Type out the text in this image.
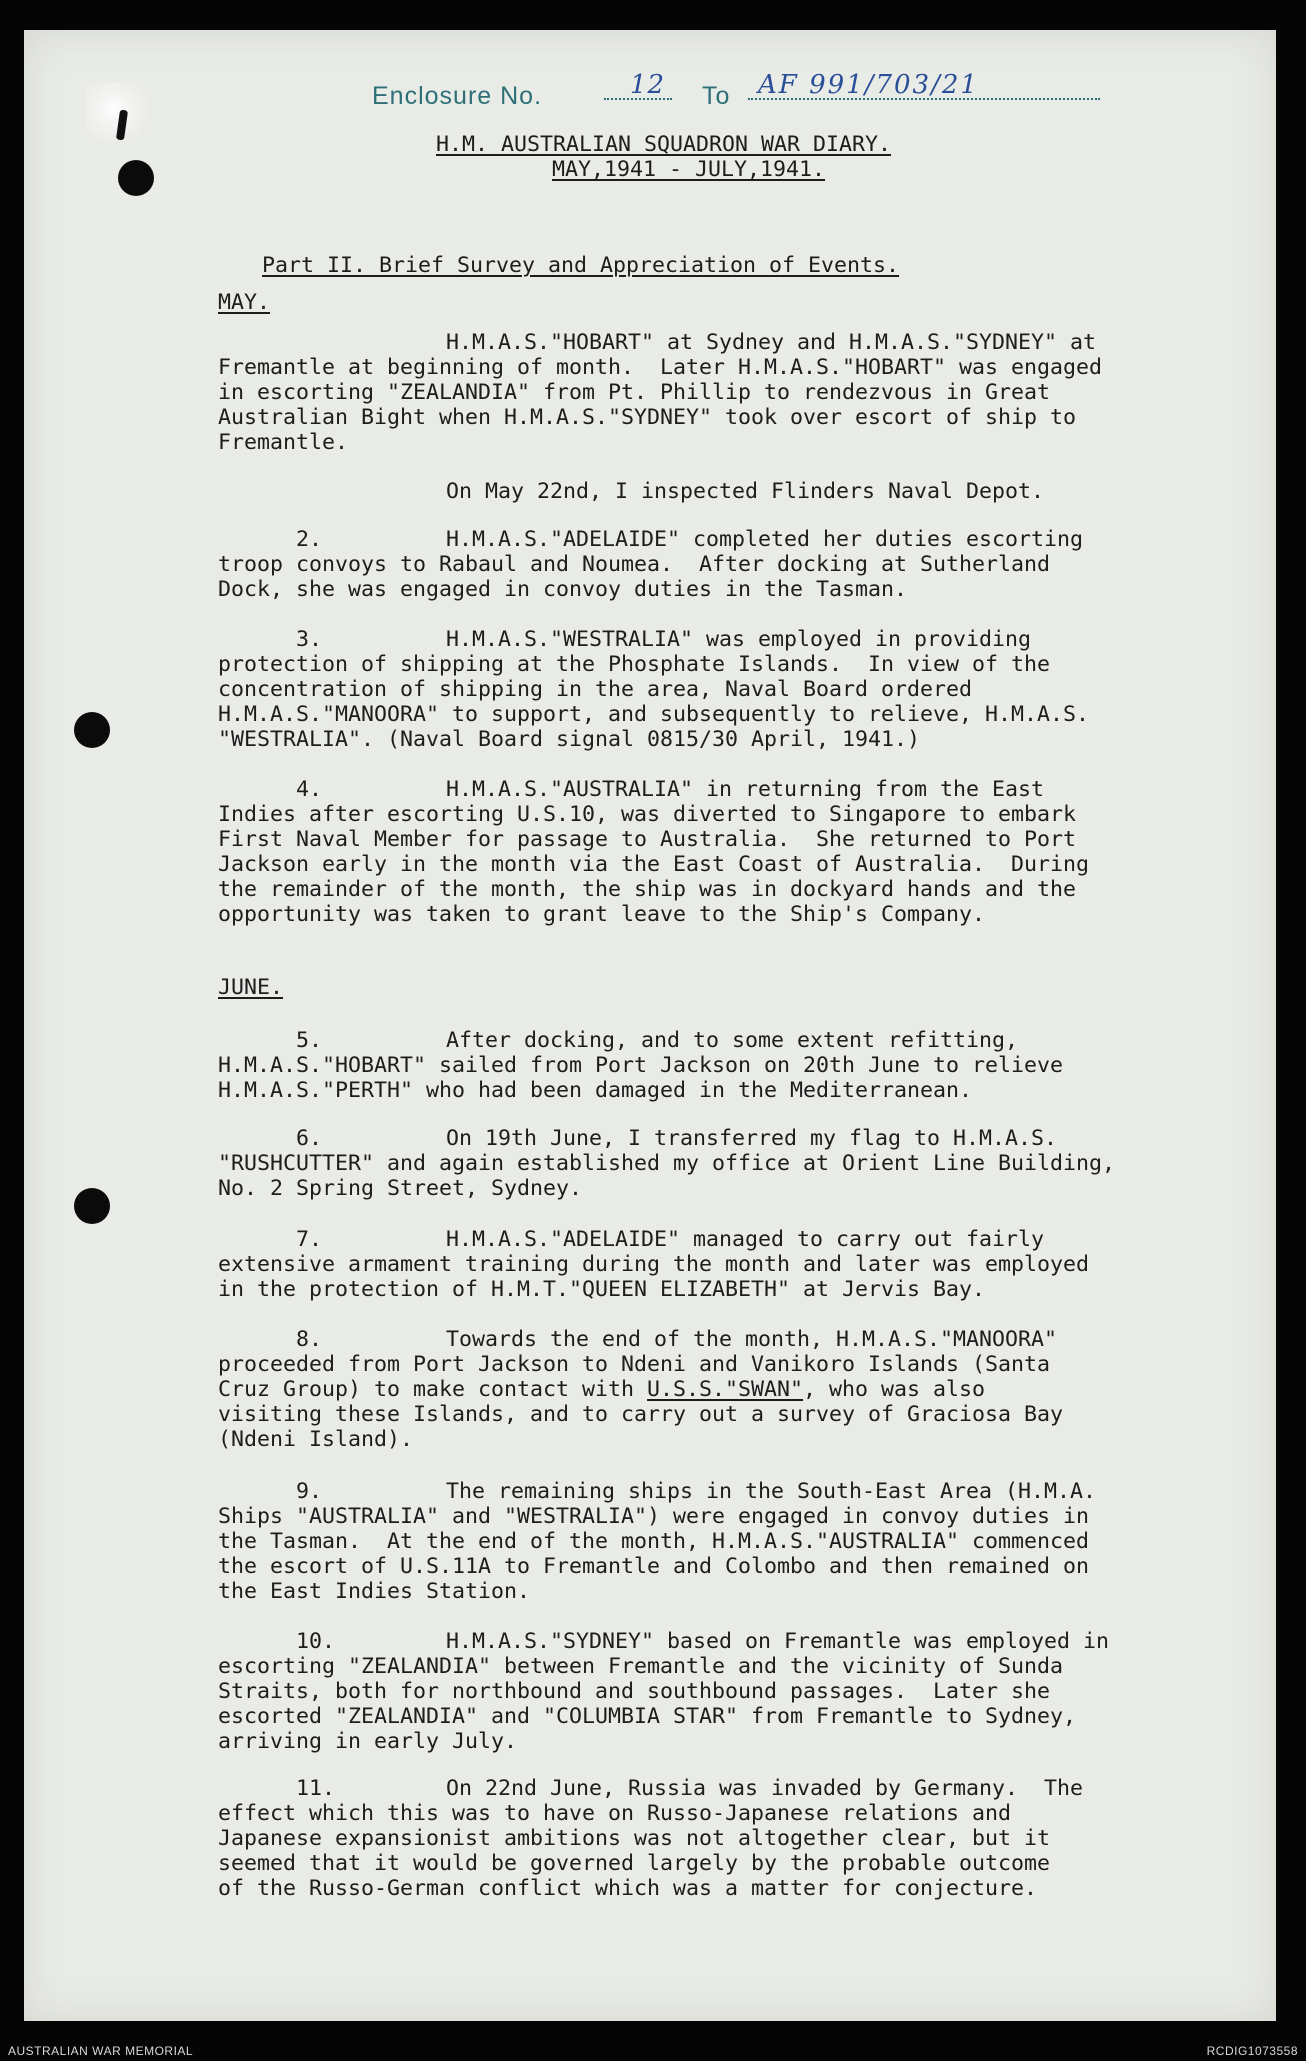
Enclosure No.	12 To AF 991/703/21
H.M. AUSTRALIAN SQUADRON WAR DIARY.
MAY,1941 - JULY,1941.
Part II. Brief Survey and Appreciation of Events.
MAY.
H.M.A.S."HOBART" at Sydney and H.M.A.S."SYDNEY" at
Fremantle at beginning of month.  Later H.M.A.S."HOBART" was engaged
in escorting "ZEALANDIA" from Pt. Phillip to rendezvous in Great
Australian Bight when H.M.A.S."SYDNEY" took over escort of ship to
Fremantle.
On May 22nd, I inspected Flinders Naval Depot.
2.	H.M.A.S."ADELAIDE" completed her duties escorting
troop convoys to Rabaul and Noumea.  After docking at Sutherland
Dock, she was engaged in convoy duties in the Tasman.
3.	H.M.A.S."WESTRALIA" was employed in providing
protection of shipping at the Phosphate Islands.  In view of the
concentration of shipping in the area, Naval Board ordered
H.M.A.S."MANOORA" to support, and subsequently to relieve, H.M.A.S.
"WESTRALIA". (Naval Board signal 0815/30 April, 1941.)
4.	H.M.A.S."AUSTRALIA" in returning from the East
Indies after escorting U.S.10, was diverted to Singapore to embark
First Naval Member for passage to Australia.  She returned to Port
Jackson early in the month via the East Coast of Australia.  During
the remainder of the month, the ship was in dockyard hands and the
opportunity was taken to grant leave to the Ship's Company.
JUNE.
5.	After docking, and to some extent refitting,
H.M.A.S."HOBART" sailed from Port Jackson on 20th June to relieve
H.M.A.S."PERTH" who had been damaged in the Mediterranean.
6.	On 19th June, I transferred my flag to H.M.A.S.
"RUSHCUTTER" and again established my office at Orient Line Building,
No. 2 Spring Street, Sydney.
7.	H.M.A.S."ADELAIDE" managed to carry out fairly
extensive armament training during the month and later was employed
in the protection of H.M.T."QUEEN ELIZABETH" at Jervis Bay.
8.	Towards the end of the month, H.M.A.S."MANOORA"
proceeded from Port Jackson to Ndeni and Vanikoro Islands (Santa
Cruz Group) to make contact with U.S.S."SWAN", who was also
visiting these Islands, and to carry out a survey of Graciosa Bay
(Ndeni Island).
9.	The remaining ships in the South-East Area (H.M.A.
Ships "AUSTRALIA" and "WESTRALIA") were engaged in convoy duties in
the Tasman.  At the end of the month, H.M.A.S."AUSTRALIA" commenced
the escort of U.S.11A to Fremantle and Colombo and then remained on
the East Indies Station.
10.	H.M.A.S."SYDNEY" based on Fremantle was employed in
escorting "ZEALANDIA" between Fremantle and the vicinity of Sunda
Straits, both for northbound and southbound passages.  Later she
escorted "ZEALANDIA" and "COLUMBIA STAR" from Fremantle to Sydney,
arriving in early July.
11.	On 22nd June, Russia was invaded by Germany.  The
effect which this was to have on Russo-Japanese relations and
Japanese expansionist ambitions was not altogether clear, but it
seemed that it would be governed largely by the probable outcome
of the Russo-German conflict which was a matter for conjecture.
AUSTRALIAN WAR MEMORIAL	RCDIG1073558
